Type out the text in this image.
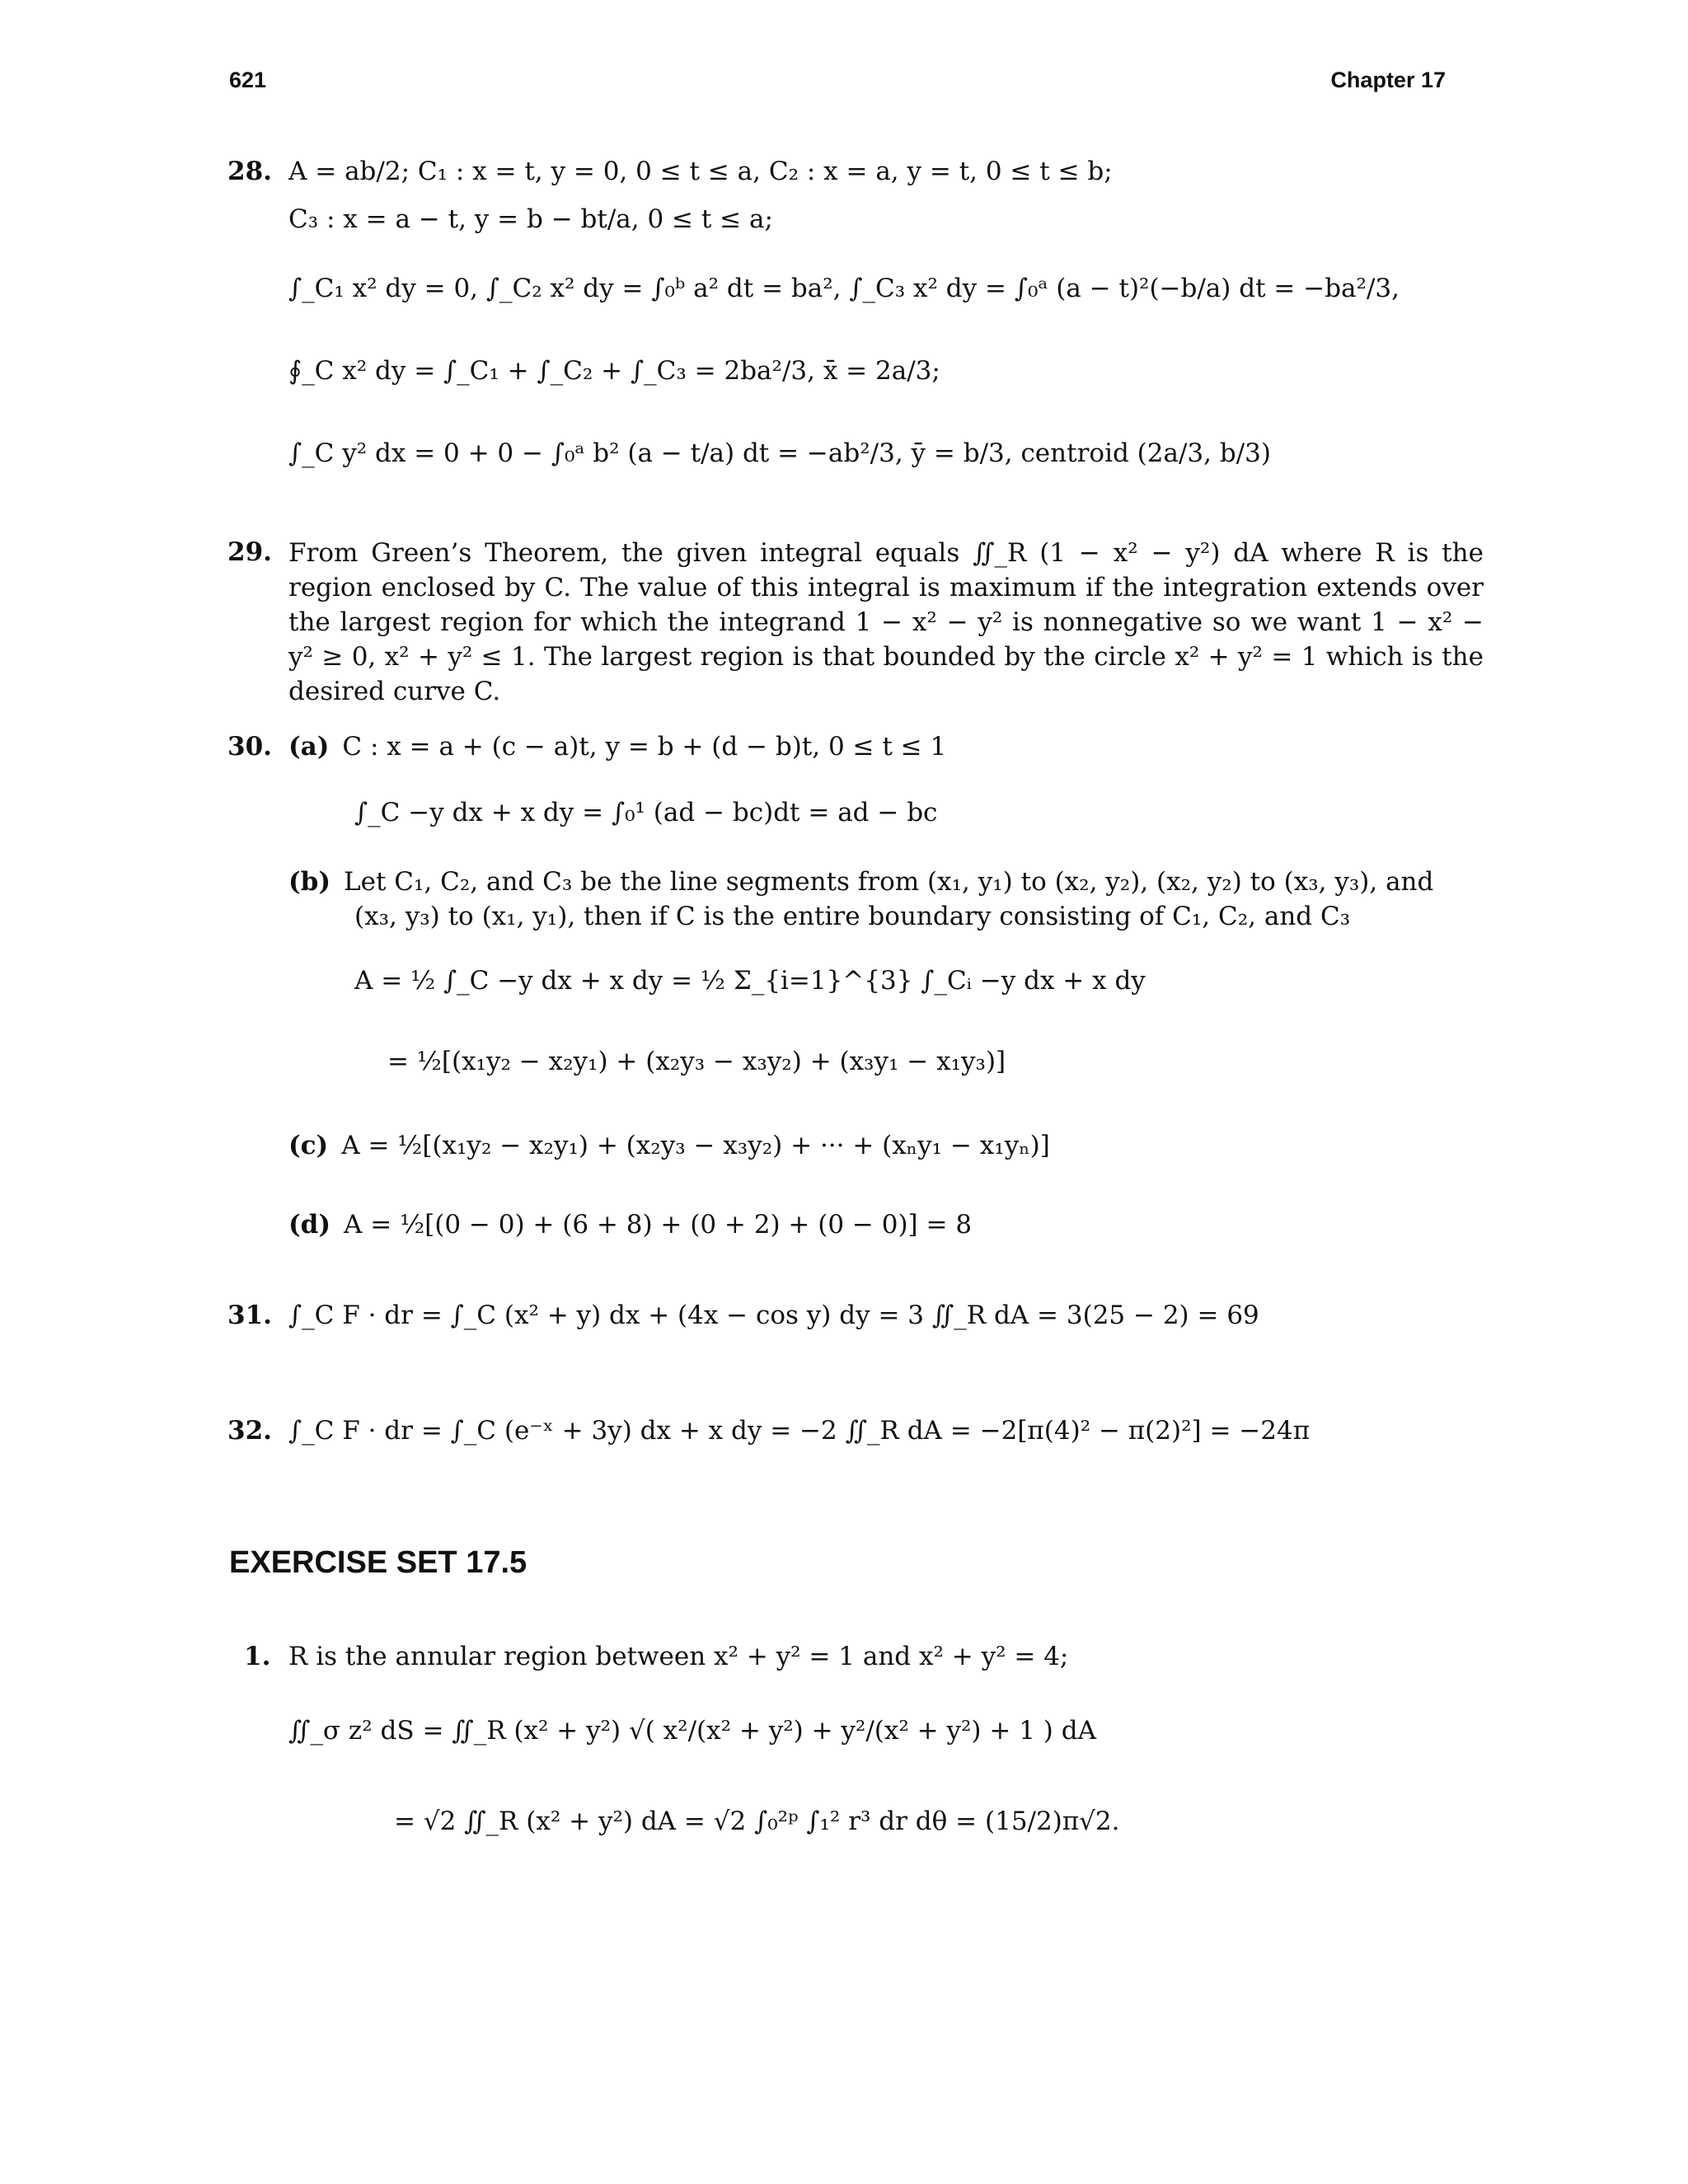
621	Chapter 17
28. A = ab/2; C₁ : x = t, y = 0, 0 ≤ t ≤ a, C₂ : x = a, y = t, 0 ≤ t ≤ b;
C₃ : x = a − t, y = b − bt/a, 0 ≤ t ≤ a;
∫_C₁ x² dy = 0, ∫_C₂ x² dy = ∫₀ᵇ a² dt = ba², ∫_C₃ x² dy = ∫₀ᵃ (a − t)²(−b/a) dt = −ba²/3,
∮_C x² dy = ∫_C₁ + ∫_C₂ + ∫_C₃ = 2ba²/3, x̄ = 2a/3;
∫_C y² dx = 0 + 0 − ∫₀ᵃ b² (a − t/a) dt = −ab²/3, ȳ = b/3, centroid (2a/3, b/3)
29. From Green’s Theorem, the given integral equals ∬_R (1 − x² − y²) dA where R is the region enclosed by C. The value of this integral is maximum if the integration extends over the largest region for which the integrand 1 − x² − y² is nonnegative so we want 1 − x² − y² ≥ 0, x² + y² ≤ 1. The largest region is that bounded by the circle x² + y² = 1 which is the desired curve C.
30. (a) C : x = a + (c − a)t, y = b + (d − b)t, 0 ≤ t ≤ 1
∫_C −y dx + x dy = ∫₀¹ (ad − bc)dt = ad − bc
(b) Let C₁, C₂, and C₃ be the line segments from (x₁, y₁) to (x₂, y₂), (x₂, y₂) to (x₃, y₃), and
(x₃, y₃) to (x₁, y₁), then if C is the entire boundary consisting of C₁, C₂, and C₃
A = ½ ∫_C −y dx + x dy = ½ Σ_{i=1}^{3} ∫_Cᵢ −y dx + x dy
= ½[(x₁y₂ − x₂y₁) + (x₂y₃ − x₃y₂) + (x₃y₁ − x₁y₃)]
(c) A = ½[(x₁y₂ − x₂y₁) + (x₂y₃ − x₃y₂) + ··· + (xₙy₁ − x₁yₙ)]
(d) A = ½[(0 − 0) + (6 + 8) + (0 + 2) + (0 − 0)] = 8
31. ∫_C F · dr = ∫_C (x² + y) dx + (4x − cos y) dy = 3 ∬_R dA = 3(25 − 2) = 69
32. ∫_C F · dr = ∫_C (e⁻ˣ + 3y) dx + x dy = −2 ∬_R dA = −2[π(4)² − π(2)²] = −24π
EXERCISE SET 17.5
1. R is the annular region between x² + y² = 1 and x² + y² = 4;
∬_σ z² dS = ∬_R (x² + y²) √( x²/(x² + y²) + y²/(x² + y²) + 1 ) dA
= √2 ∬_R (x² + y²) dA = √2 ∫₀²ᵖ ∫₁² r³ dr dθ = (15/2)π√2.
